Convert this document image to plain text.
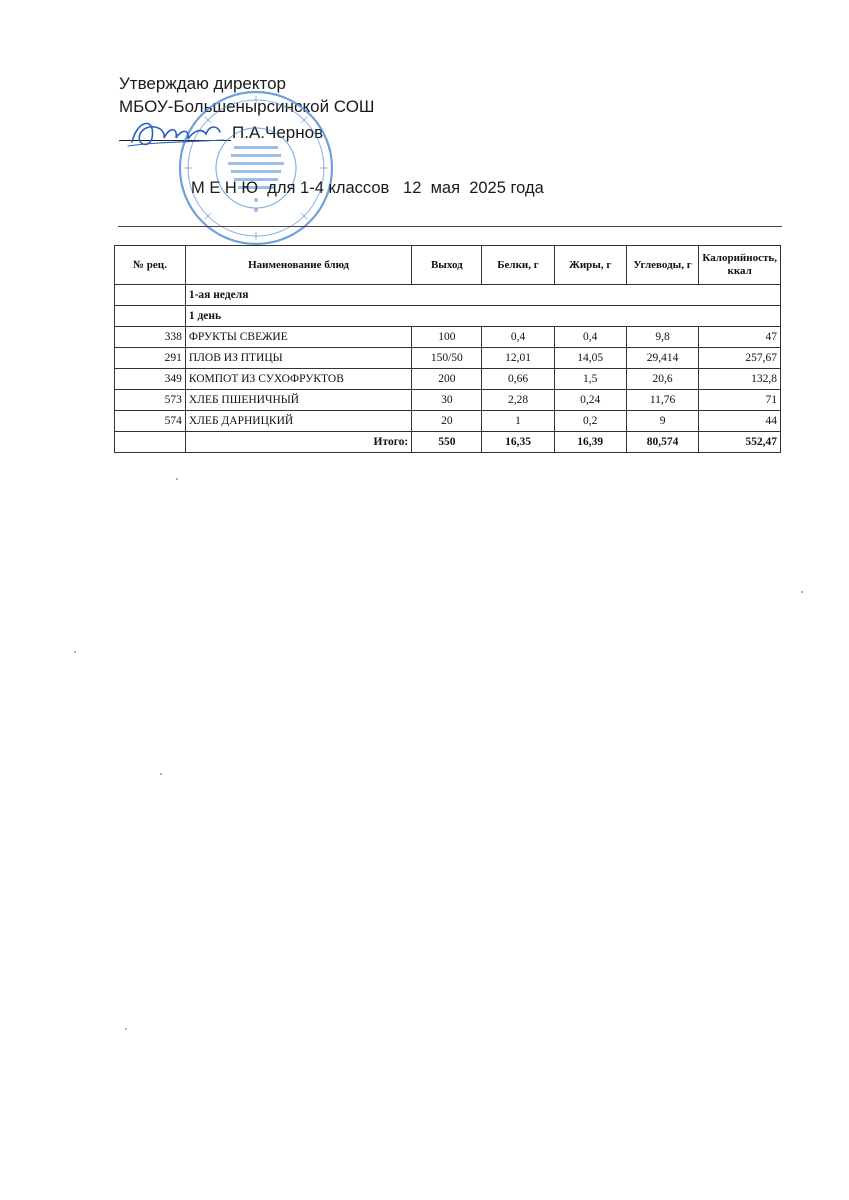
Утверждаю директор
МБОУ-Большенырсинской СОШ
П.А.Чернов
М Е Н Ю  для 1-4 классов   12  мая  2025 года
№ рец.	Наименование блюд	Выход	Белки, г	Жиры, г	Углеводы, г	Калорийность, ккал
	1-ая неделя					
	1 день					
338	ФРУКТЫ СВЕЖИЕ	100	0,4	0,4	9,8	47
291	ПЛОВ ИЗ ПТИЦЫ	150/50	12,01	14,05	29,414	257,67
349	КОМПОТ ИЗ СУХОФРУКТОВ	200	0,66	1,5	20,6	132,8
573	ХЛЕБ ПШЕНИЧНЫЙ	30	2,28	0,24	11,76	71
574	ХЛЕБ ДАРНИЦКИЙ	20	1	0,2	9	44
	Итого:	550	16,35	16,39	80,574	552,47
